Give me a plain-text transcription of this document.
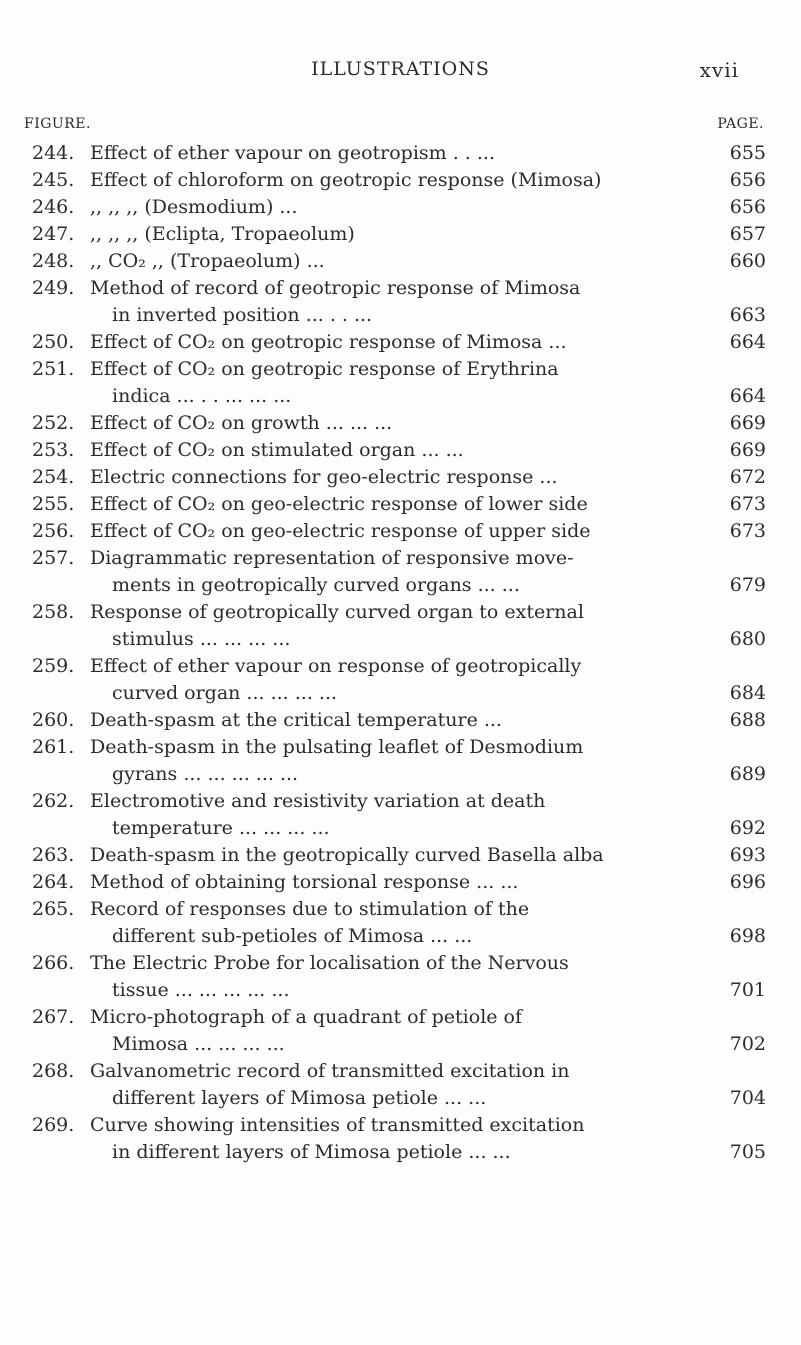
ILLUSTRATIONS	xvii
FIGURE.	PAGE.
244. Effect of ether vapour on geotropism . . ...	655
245. Effect of chloroform on geotropic response (Mimosa)	656
246. ,, ,, ,, (Desmodium) ...	656
247. ,, ,, ,, (Eclipta, Tropaeolum)	657
248. ,, CO₂ ,, (Tropaeolum) ...	660
249. Method of record of geotropic response of Mimosa
in inverted position ... . . ...	663
250. Effect of CO₂ on geotropic response of Mimosa ...	664
251. Effect of CO₂ on geotropic response of Erythrina
indica ... . . ... ... ...	664
252. Effect of CO₂ on growth ... ... ...	669
253. Effect of CO₂ on stimulated organ ... ...	669
254. Electric connections for geo-electric response ...	672
255. Effect of CO₂ on geo-electric response of lower side	673
256. Effect of CO₂ on geo-electric response of upper side	673
257. Diagrammatic representation of responsive move-
ments in geotropically curved organs ... ...	679
258. Response of geotropically curved organ to external
stimulus ... ... ... ...	680
259. Effect of ether vapour on response of geotropically
curved organ ... ... ... ...	684
260. Death-spasm at the critical temperature ...	688
261. Death-spasm in the pulsating leaflet of Desmodium
gyrans ... ... ... ... ...	689
262. Electromotive and resistivity variation at death
temperature ... ... ... ...	692
263. Death-spasm in the geotropically curved Basella alba	693
264. Method of obtaining torsional response ... ...	696
265. Record of responses due to stimulation of the
different sub-petioles of Mimosa ... ...	698
266. The Electric Probe for localisation of the Nervous
tissue ... ... ... ... ...	701
267. Micro-photograph of a quadrant of petiole of
Mimosa ... ... ... ...	702
268. Galvanometric record of transmitted excitation in
different layers of Mimosa petiole ... ...	704
269. Curve showing intensities of transmitted excitation
in different layers of Mimosa petiole ... ...	705
